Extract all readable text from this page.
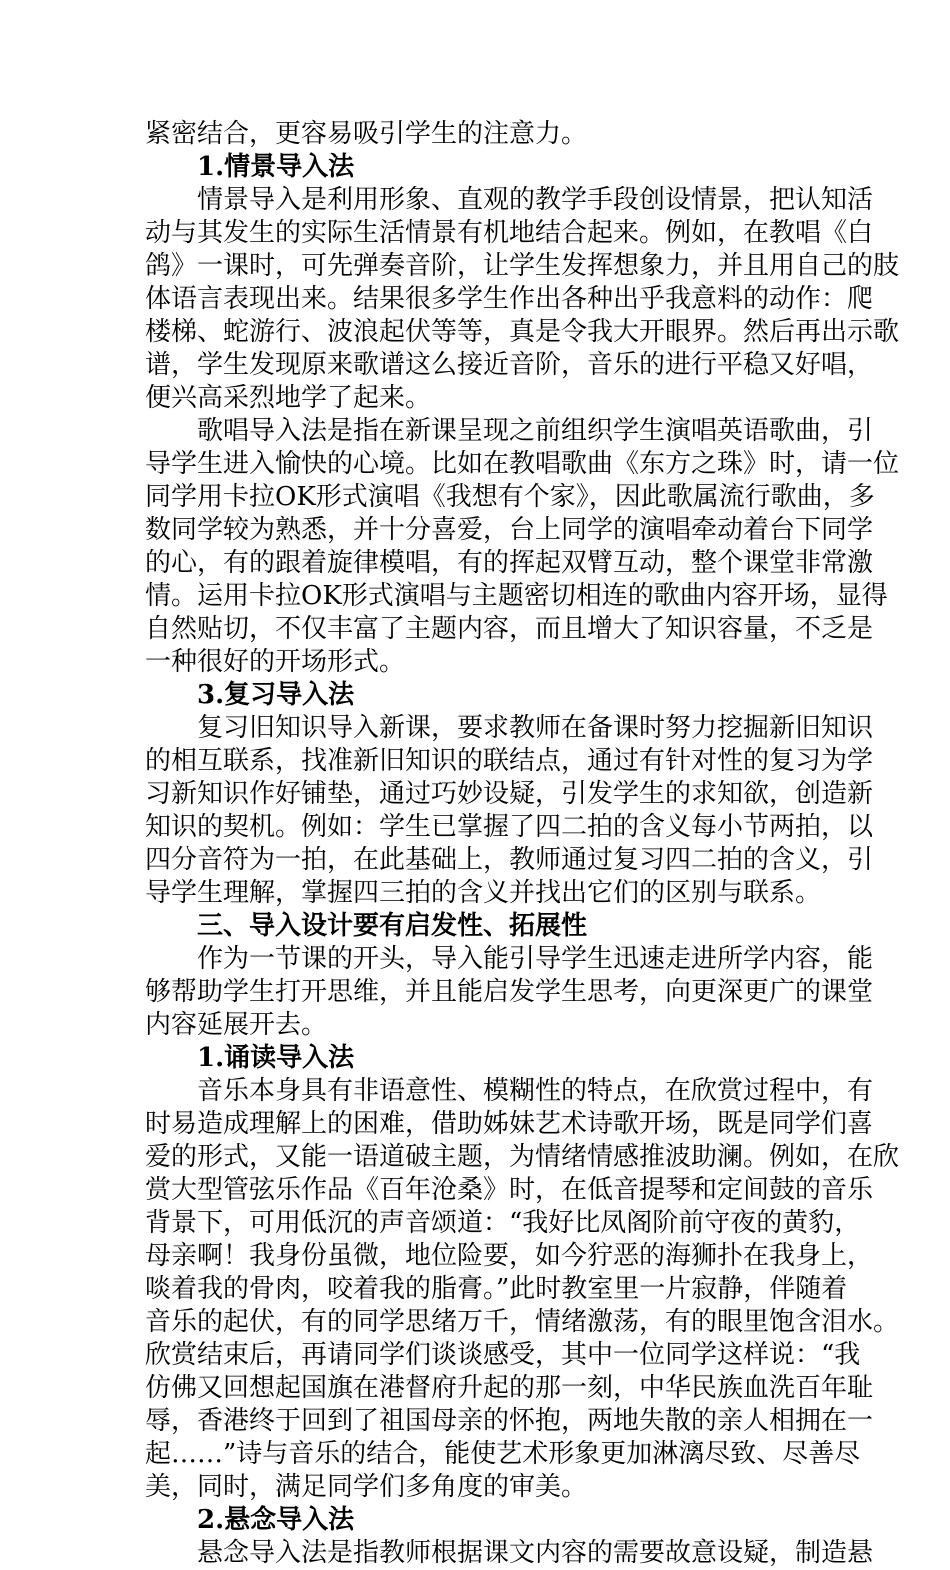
紧密结合，更容易吸引学生的注意力。
1.情景导入法
情景导入是利用形象、直观的教学手段创设情景，把认知活
动与其发生的实际生活情景有机地结合起来。例如，在教唱《白
鸽》一课时，可先弹奏音阶，让学生发挥想象力，并且用自己的肢
体语言表现出来。结果很多学生作出各种出乎我意料的动作：爬
楼梯、蛇游行、波浪起伏等等，真是令我大开眼界。然后再出示歌
谱，学生发现原来歌谱这么接近音阶，音乐的进行平稳又好唱，
便兴高采烈地学了起来。
歌唱导入法是指在新课呈现之前组织学生演唱英语歌曲，引
导学生进入愉快的心境。比如在教唱歌曲《东方之珠》时，请一位
同学用卡拉OK形式演唱《我想有个家》，因此歌属流行歌曲，多
数同学较为熟悉，并十分喜爱，台上同学的演唱牵动着台下同学
的心，有的跟着旋律模唱，有的挥起双臂互动，整个课堂非常激
情。运用卡拉OK形式演唱与主题密切相连的歌曲内容开场，显得
自然贴切，不仅丰富了主题内容，而且增大了知识容量，不乏是
一种很好的开场形式。
3.复习导入法
复习旧知识导入新课，要求教师在备课时努力挖掘新旧知识
的相互联系，找准新旧知识的联结点，通过有针对性的复习为学
习新知识作好铺垫，通过巧妙设疑，引发学生的求知欲，创造新
知识的契机。例如：学生已掌握了四二拍的含义每小节两拍，以
四分音符为一拍，在此基础上，教师通过复习四二拍的含义，引
导学生理解，掌握四三拍的含义并找出它们的区别与联系。
三、导入设计要有启发性、拓展性
作为一节课的开头，导入能引导学生迅速走进所学内容，能
够帮助学生打开思维，并且能启发学生思考，向更深更广的课堂
内容延展开去。
1.诵读导入法
音乐本身具有非语意性、模糊性的特点，在欣赏过程中，有
时易造成理解上的困难，借助姊妹艺术诗歌开场，既是同学们喜
爱的形式，又能一语道破主题，为情绪情感推波助澜。例如，在欣
赏大型管弦乐作品《百年沧桑》时，在低音提琴和定间鼓的音乐
背景下，可用低沉的声音颂道：“我好比凤阁阶前守夜的黄豹，
母亲啊！我身份虽微，地位险要，如今狞恶的海狮扑在我身上，
啖着我的骨肉，咬着我的脂膏。”此时教室里一片寂静，伴随着
音乐的起伏，有的同学思绪万千，情绪激荡，有的眼里饱含泪水。
欣赏结束后，再请同学们谈谈感受，其中一位同学这样说：“我
仿佛又回想起国旗在港督府升起的那一刻，中华民族血洗百年耻
辱，香港终于回到了祖国母亲的怀抱，两地失散的亲人相拥在一
起……”诗与音乐的结合，能使艺术形象更加淋漓尽致、尽善尽
美，同时，满足同学们多角度的审美。
2.悬念导入法
悬念导入法是指教师根据课文内容的需要故意设疑，制造悬
